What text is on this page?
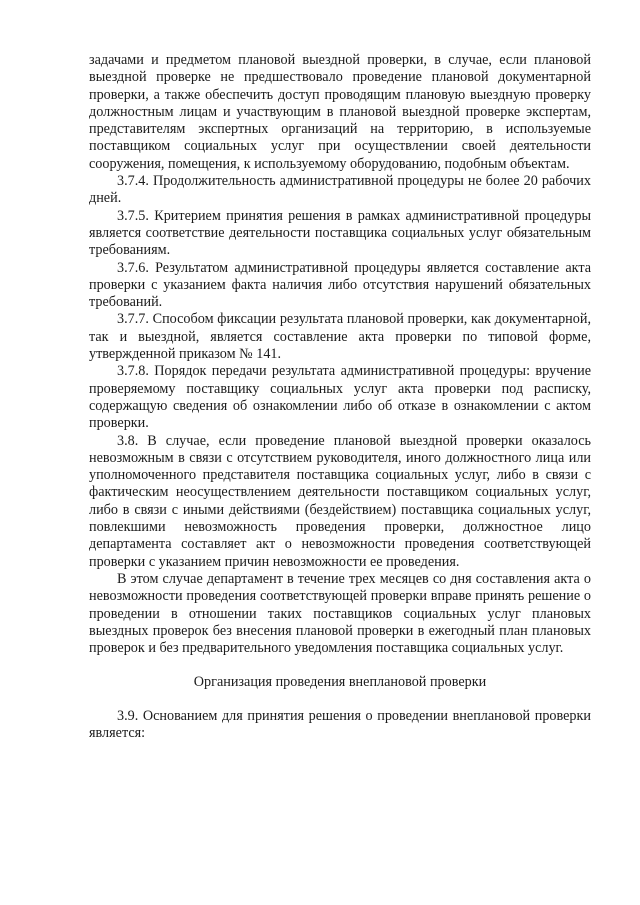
задачами и предметом плановой выездной проверки, в случае, если плановой выездной проверке не предшествовало проведение плановой документарной проверки, а также обеспечить доступ проводящим плановую выездную проверку должностным лицам и участвующим в плановой выездной проверке экспертам, представителям экспертных организаций на территорию, в используемые поставщиком социальных услуг при осуществлении своей деятельности сооружения, помещения, к используемому оборудованию, подобным объектам.

3.7.4. Продолжительность административной процедуры не более 20 рабочих дней.

3.7.5. Критерием принятия решения в рамках административной процедуры является соответствие деятельности поставщика социальных услуг обязательным требованиям.

3.7.6. Результатом административной процедуры является составление акта проверки с указанием факта наличия либо отсутствия нарушений обязательных требований.

3.7.7. Способом фиксации результата плановой проверки, как документарной, так и выездной, является составление акта проверки по типовой форме, утвержденной приказом № 141.

3.7.8. Порядок передачи результата административной процедуры: вручение проверяемому поставщику социальных услуг акта проверки под расписку, содержащую сведения об ознакомлении либо об отказе в ознакомлении с актом проверки.

3.8. В случае, если проведение плановой выездной проверки оказалось невозможным в связи с отсутствием руководителя, иного должностного лица или уполномоченного представителя поставщика социальных услуг, либо в связи с фактическим неосуществлением деятельности поставщиком социальных услуг, либо в связи с иными действиями (бездействием) поставщика социальных услуг, повлекшими невозможность проведения проверки, должностное лицо департамента составляет акт о невозможности проведения соответствующей проверки с указанием причин невозможности ее проведения.

В этом случае департамент в течение трех месяцев со дня составления акта о невозможности проведения соответствующей проверки вправе принять решение о проведении в отношении таких поставщиков социальных услуг плановых выездных проверок без внесения плановой проверки в ежегодный план плановых проверок и без предварительного уведомления поставщика социальных услуг.

Организация проведения внеплановой проверки

3.9. Основанием для принятия решения о проведении внеплановой проверки является:
